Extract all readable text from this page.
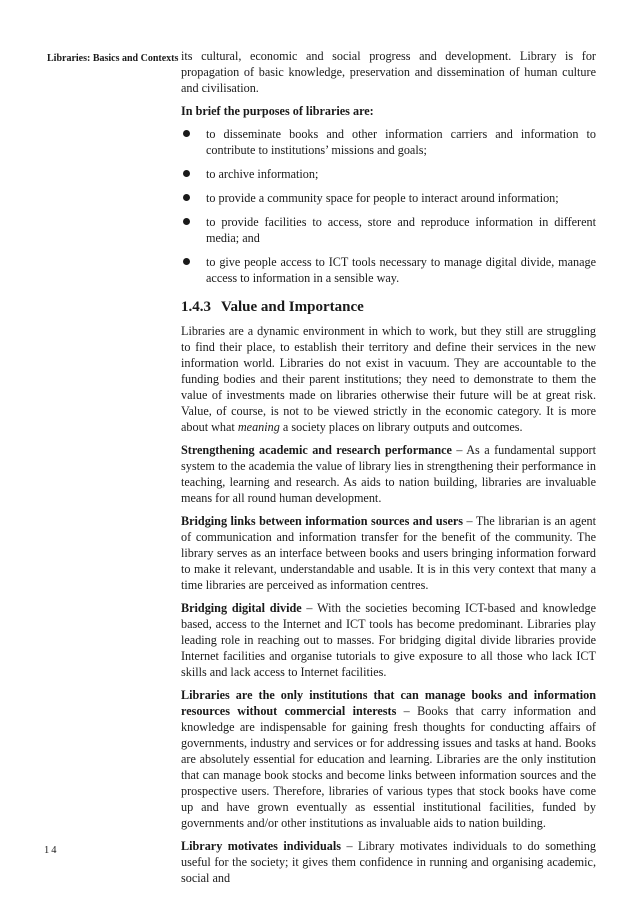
Libraries: Basics and Contexts
14

its cultural, economic and social progress and development. Library is for propagation of basic knowledge, preservation and dissemination of human culture and civilisation.

In brief the purposes of libraries are:

to disseminate books and other information carriers and information to contribute to institutions’ missions and goals;
to archive information;
to provide a community space for people to interact around information;
to provide facilities to access, store and reproduce information in different media; and
to give people access to ICT tools necessary to manage digital divide, manage access to information in a sensible way.
1.4.3 Value and Importance

Libraries are a dynamic environment in which to work, but they still are struggling to find their place, to establish their territory and define their services in the new information world. Libraries do not exist in vacuum. They are accountable to the funding bodies and their parent institutions; they need to demonstrate to them the value of investments made on libraries otherwise their future will be at great risk. Value, of course, is not to be viewed strictly in the economic category. It is more about what meaning a society places on library outputs and outcomes.

Strengthening academic and research performance – As a fundamental support system to the academia the value of library lies in strengthening their performance in teaching, learning and research. As aids to nation building, libraries are invaluable means for all round human development.

Bridging links between information sources and users – The librarian is an agent of communication and information transfer for the benefit of the community. The library serves as an interface between books and users bringing information forward to make it relevant, understandable and usable. It is in this very context that many a time libraries are perceived as information centres.

Bridging digital divide – With the societies becoming ICT-based and knowledge based, access to the Internet and ICT tools has become predominant. Libraries play leading role in reaching out to masses. For bridging digital divide libraries provide Internet facilities and organise tutorials to give exposure to all those who lack ICT skills and lack access to Internet facilities.

Libraries are the only institutions that can manage books and information resources without commercial interests – Books that carry information and knowledge are indispensable for gaining fresh thoughts for conducting affairs of governments, industry and services or for addressing issues and tasks at hand. Books are absolutely essential for education and learning. Libraries are the only institution that can manage book stocks and become links between information sources and the prospective users. Therefore, libraries of various types that stock books have come up and have grown eventually as essential institutional facilities, funded by governments and/or other institutions as invaluable aids to nation building.

Library motivates individuals – Library motivates individuals to do something useful for the society; it gives them confidence in running and organising academic, social and
